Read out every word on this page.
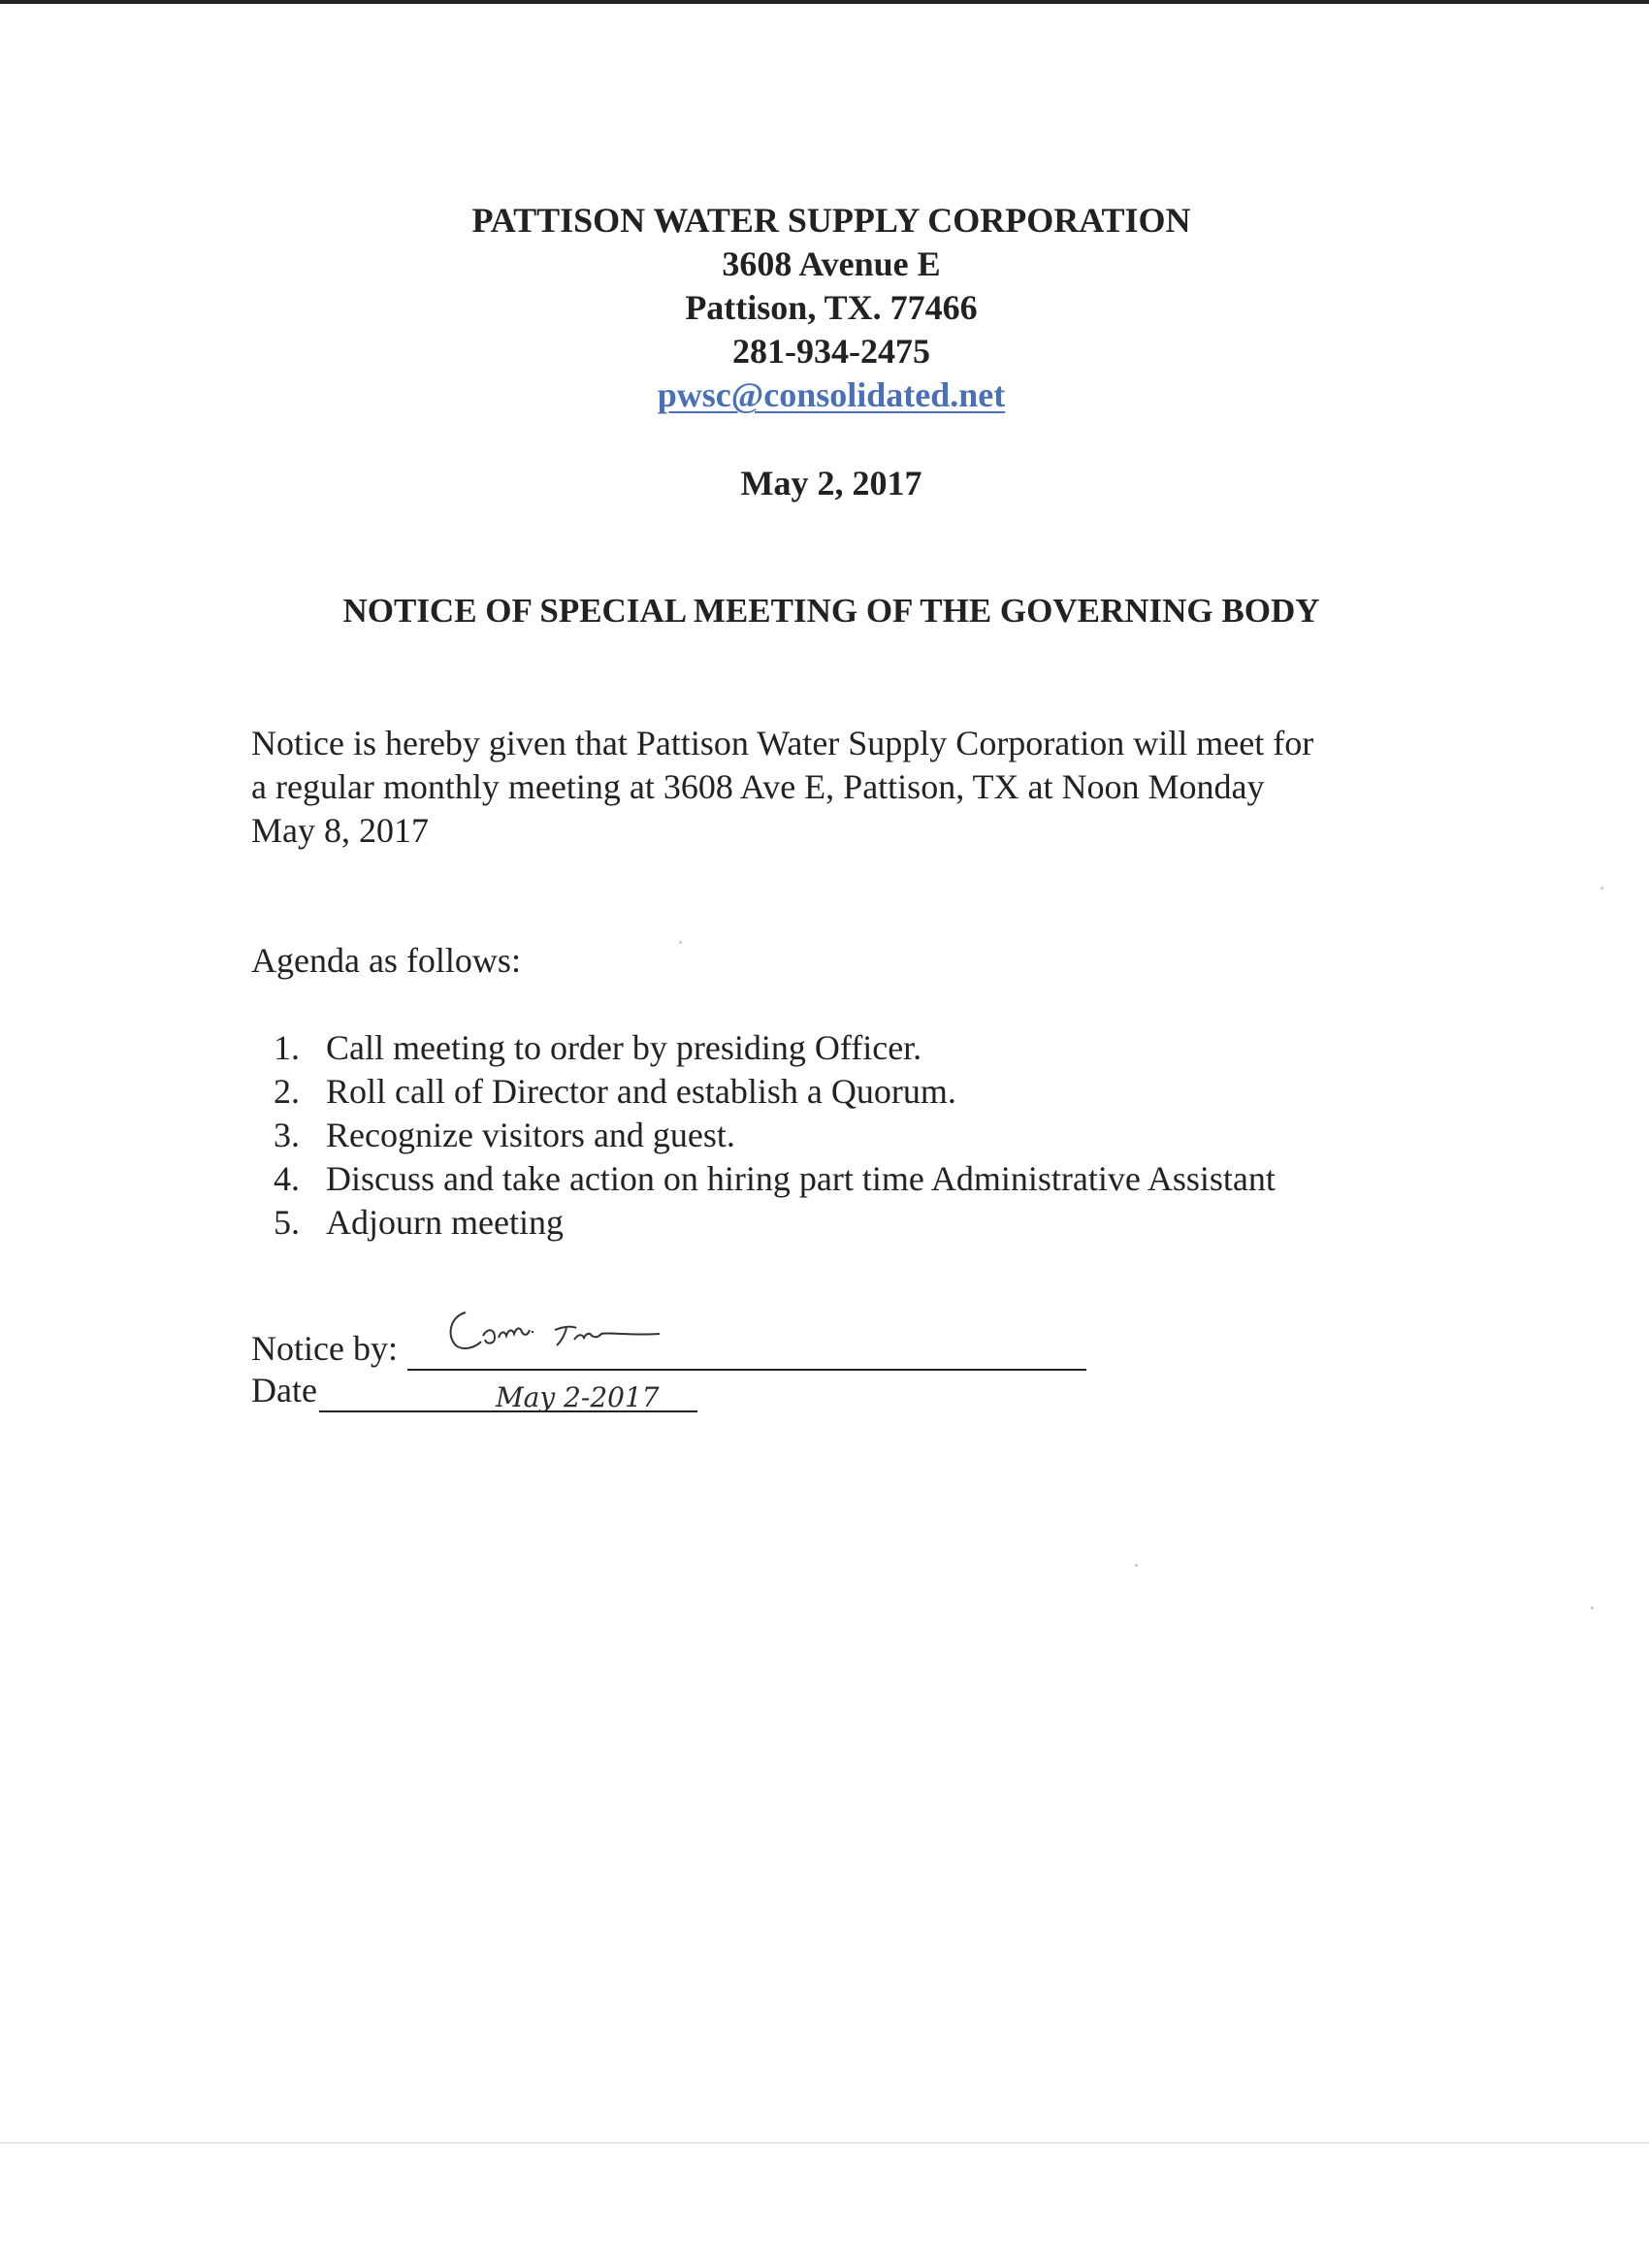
PATTISON WATER SUPPLY CORPORATION
3608 Avenue E
Pattison, TX. 77466
281-934-2475
pwsc@consolidated.net
May 2, 2017
NOTICE OF SPECIAL MEETING OF THE GOVERNING BODY
Notice is hereby given that Pattison Water Supply Corporation will meet for
a regular monthly meeting at 3608 Ave E, Pattison, TX at Noon Monday
May 8, 2017
Agenda as follows:
1. Call meeting to order by presiding Officer.
2. Roll call of Director and establish a Quorum.
3. Recognize visitors and guest.
4. Discuss and take action on hiring part time Administrative Assistant
5. Adjourn meeting
Notice by:
Date	May 2-2017
